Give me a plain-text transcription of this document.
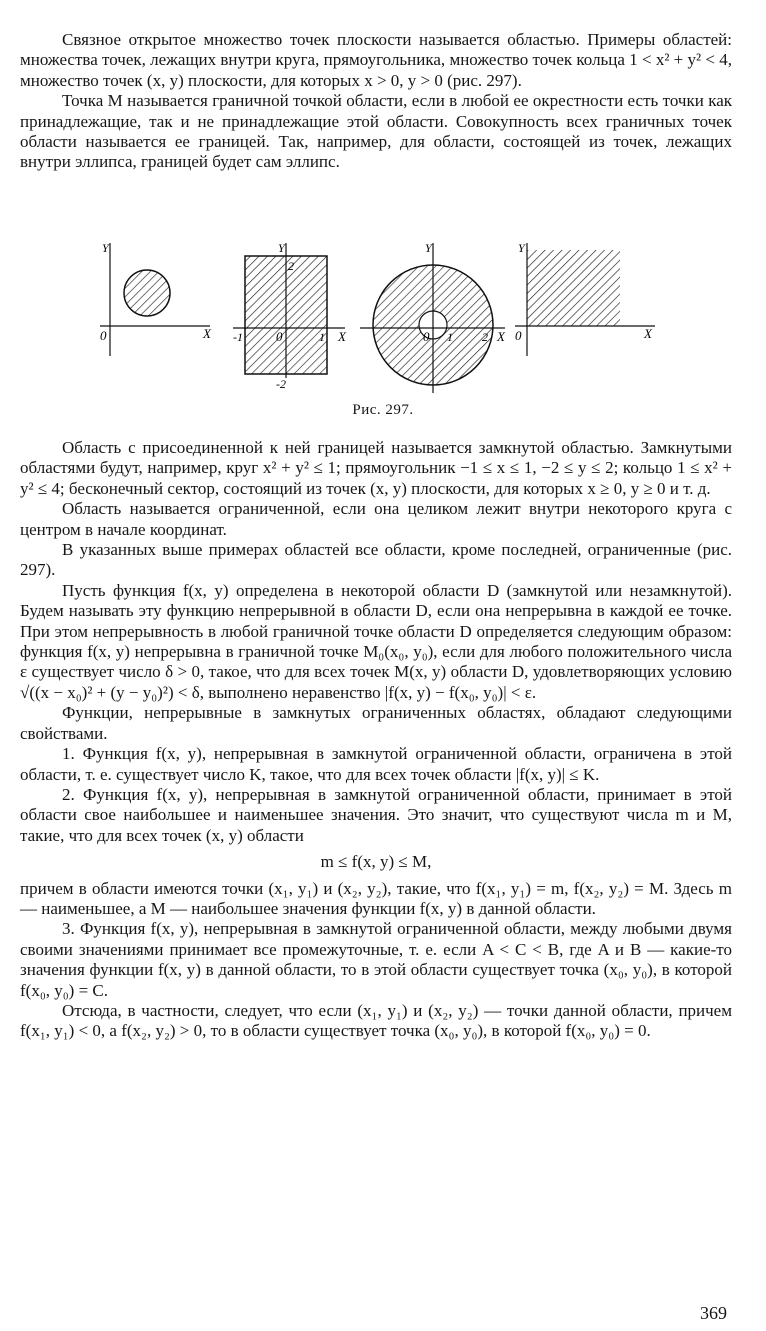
Связное открытое множество точек плоскости называется областью. Примеры областей: множества точек, лежащих внутри круга, прямоугольника, множество точек кольца 1 < x² + y² < 4, множество точек (x, y) плоскости, для которых x > 0, y > 0 (рис. 297).

Точка M называется граничной точкой области, если в любой ее окрестности есть точки как принадлежащие, так и не принадлежащие этой области. Совокупность всех граничных точек области называется ее границей. Так, например, для области, состоящей из точек, лежащих внутри эллипса, границей будет сам эллипс.

Y
0	X
Y
-1	0	1
2
-2
X
Y
0 1 2 X
Y
0	X
Рис. 297.

Область с присоединенной к ней границей называется замкнутой областью. Замкнутыми областями будут, например, круг x² + y² ≤ 1; прямоугольник −1 ≤ x ≤ 1, −2 ≤ y ≤ 2; кольцо 1 ≤ x² + y² ≤ 4; бесконечный сектор, состоящий из точек (x, y) плоскости, для которых x ≥ 0, y ≥ 0 и т. д.

Область называется ограниченной, если она целиком лежит внутри некоторого круга с центром в начале координат.

В указанных выше примерах областей все области, кроме последней, ограниченные (рис. 297).

Пусть функция f(x, y) определена в некоторой области D (замкнутой или незамкнутой). Будем называть эту функцию непрерывной в области D, если она непрерывна в каждой ее точке. При этом непрерывность в любой граничной точке области D определяется следующим образом: функция f(x, y) непрерывна в граничной точке M₀(x₀, y₀), если для любого положительного числа ε существует число δ > 0, такое, что для всех точек M(x, y) области D, удовлетворяющих условию √((x − x₀)² + (y − y₀)²) < δ, выполнено неравенство |f(x, y) − f(x₀, y₀)| < ε.

Функции, непрерывные в замкнутых ограниченных областях, обладают следующими свойствами.

1. Функция f(x, y), непрерывная в замкнутой ограниченной области, ограничена в этой области, т. е. существует число K, такое, что для всех точек области |f(x, y)| ≤ K.

2. Функция f(x, y), непрерывная в замкнутой ограниченной области, принимает в этой области свое наибольшее и наименьшее значения. Это значит, что существуют числа m и M, такие, что для всех точек (x, y) области

m ≤ f(x, y) ≤ M,

причем в области имеются точки (x₁, y₁) и (x₂, y₂), такие, что f(x₁, y₁) = m, f(x₂, y₂) = M. Здесь m — наименьшее, а M — наибольшее значения функции f(x, y) в данной области.

3. Функция f(x, y), непрерывная в замкнутой ограниченной области, между любыми двумя своими значениями принимает все промежуточные, т. е. если A < C < B, где A и B — какие-то значения функции f(x, y) в данной области, то в этой области существует точка (x₀, y₀), в которой f(x₀, y₀) = C.

Отсюда, в частности, следует, что если (x₁, y₁) и (x₂, y₂) — точки данной области, причем f(x₁, y₁) < 0, а f(x₂, y₂) > 0, то в области существует точка (x₀, y₀), в которой f(x₀, y₀) = 0.

369
